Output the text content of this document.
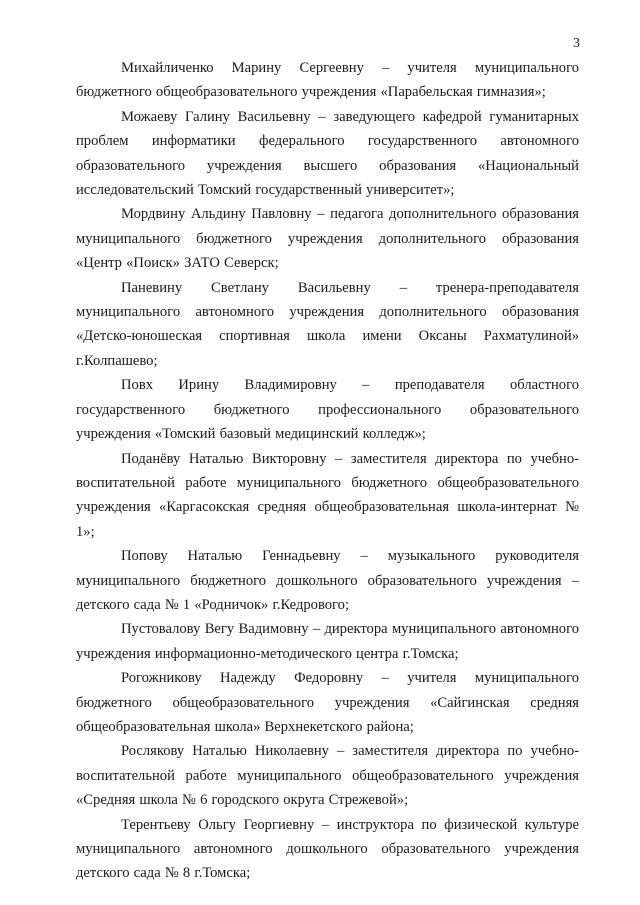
3

Михайличенко Марину Сергеевну – учителя муниципального бюджетного общеобразовательного учреждения «Парабельская гимназия»;

Можаеву Галину Васильевну – заведующего кафедрой гуманитарных проблем информатики федерального государственного автономного образовательного учреждения высшего образования «Национальный исследовательский Томский государственный университет»;

Мордвину Альдину Павловну – педагога дополнительного образования муниципального бюджетного учреждения дополнительного образования «Центр «Поиск» ЗАТО Северск;

Паневину Светлану Васильевну – тренера-преподавателя муниципального автономного учреждения дополнительного образования «Детско-юношеская спортивная школа имени Оксаны Рахматулиной» г.Колпашево;

Повх Ирину Владимировну – преподавателя областного государственного бюджетного профессионального образовательного учреждения «Томский базовый медицинский колледж»;

Поданёву Наталью Викторовну – заместителя директора по учебно-воспитательной работе муниципального бюджетного общеобразовательного учреждения «Каргасокская средняя общеобразовательная школа-интернат № 1»;

Попову Наталью Геннадьевну – музыкального руководителя муниципального бюджетного дошкольного образовательного учреждения – детского сада № 1 «Родничок» г.Кедрового;

Пустовалову Вегу Вадимовну – директора муниципального автономного учреждения информационно-методического центра г.Томска;

Рогожникову Надежду Федоровну – учителя муниципального бюджетного общеобразовательного учреждения «Сайгинская средняя общеобразовательная школа» Верхнекетского района;

Рослякову Наталью Николаевну – заместителя директора по учебно-воспитательной работе муниципального общеобразовательного учреждения «Средняя школа № 6 городского округа Стрежевой»;

Терентьеву Ольгу Георгиевну – инструктора по физической культуре муниципального автономного дошкольного образовательного учреждения детского сада № 8 г.Томска;
